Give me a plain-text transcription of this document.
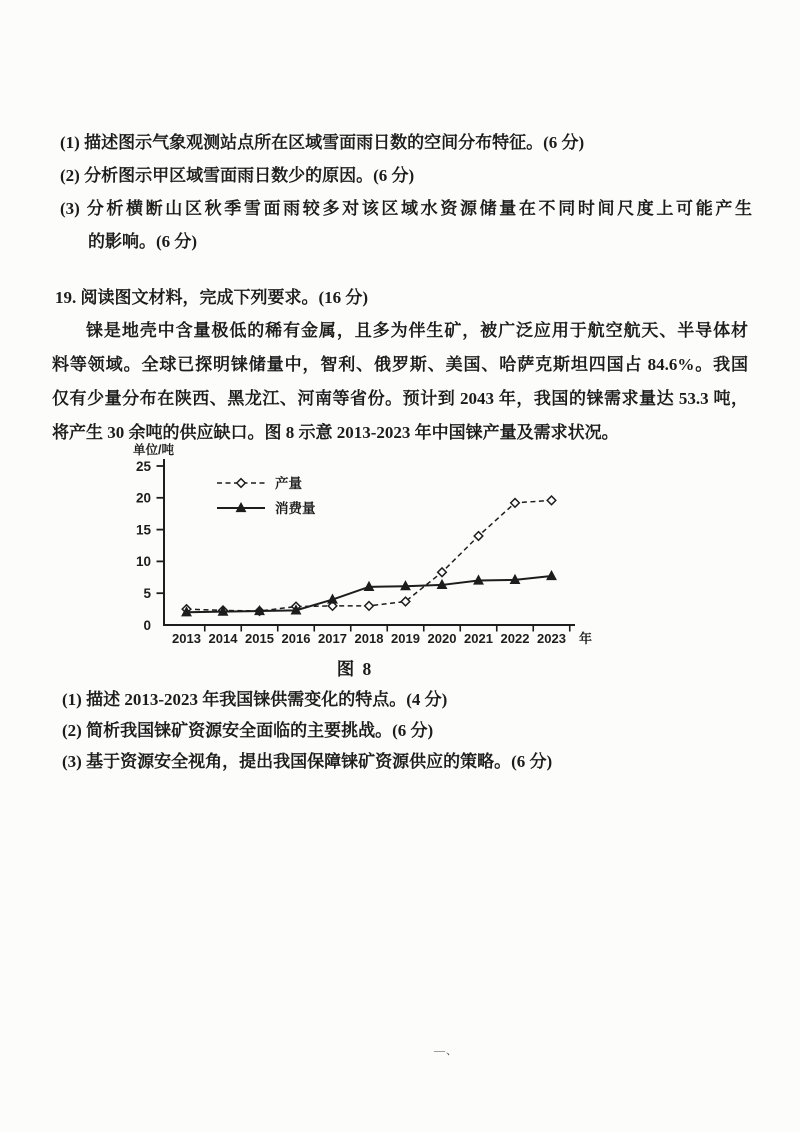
(1) 描述图示气象观测站点所在区域雪面雨日数的空间分布特征。(6 分)
(2) 分析图示甲区域雪面雨日数少的原因。(6 分)
(3) 分析横断山区秋季雪面雨较多对该区域水资源储量在不同时间尺度上可能产生
的影响。(6 分)
19. 阅读图文材料，完成下列要求。(16 分)
铼是地壳中含量极低的稀有金属，且多为伴生矿，被广泛应用于航空航天、半导体材
料等领域。全球已探明铼储量中，智利、俄罗斯、美国、哈萨克斯坦四国占 84.6%。我国
仅有少量分布在陕西、黑龙江、河南等省份。预计到 2043 年，我国的铼需求量达 53.3 吨，
将产生 30 余吨的供应缺口。图 8 示意 2013-2023 年中国铼产量及需求状况。
单位/吨
0
5
10
15
20
25
2013 2014 2015 2016 2017 2018 2019 2020 2021 2022 2023 年
产量
消费量
图 8
(1) 描述 2013-2023 年我国铼供需变化的特点。(4 分)
(2) 简析我国铼矿资源安全面临的主要挑战。(6 分)
(3) 基于资源安全视角，提出我国保障铼矿资源供应的策略。(6 分)
—、
